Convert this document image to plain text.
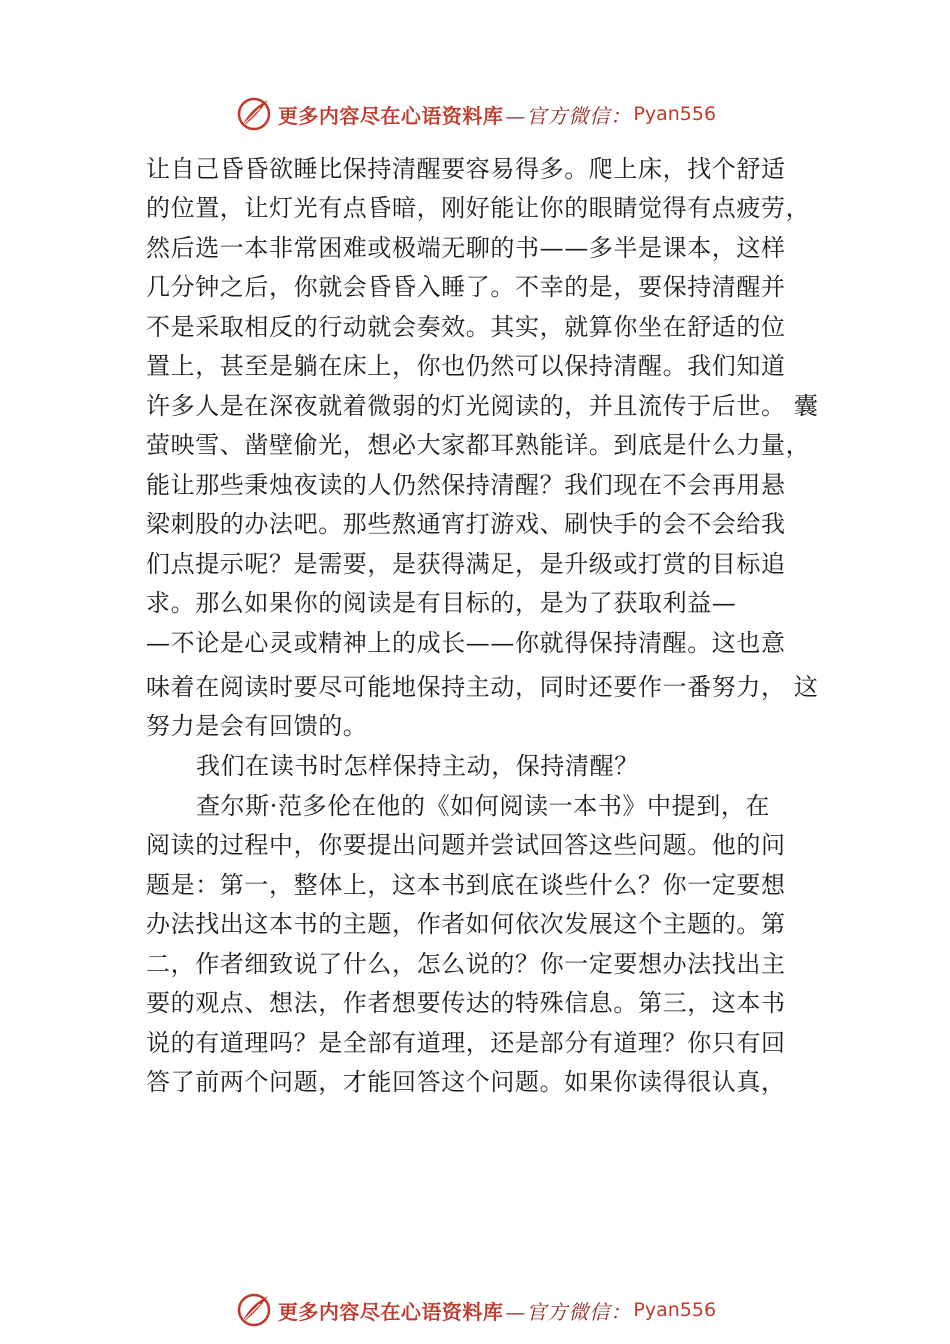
更多内容尽在心语资料库 —官方微信： Pyan556
让自己昏昏欲睡比保持清醒要容易得多。爬上床，找个舒适
的位置，让灯光有点昏暗，刚好能让你的眼睛觉得有点疲劳，
然后选一本非常困难或极端无聊的书——多半是课本，这样
几分钟之后，你就会昏昏入睡了。不幸的是，要保持清醒并
不是采取相反的行动就会奏效。其实，就算你坐在舒适的位
置上，甚至是躺在床上，你也仍然可以保持清醒。我们知道
许多人是在深夜就着微弱的灯光阅读的，并且流传于后世。 囊
萤映雪、凿壁偷光，想必大家都耳熟能详。到底是什么力量，
能让那些秉烛夜读的人仍然保持清醒？我们现在不会再用悬
梁刺股的办法吧。那些熬通宵打游戏、刷快手的会不会给我
们点提示呢？是需要，是获得满足，是升级或打赏的目标追
求。那么如果你的阅读是有目标的，是为了获取利益—
—不论是心灵或精神上的成长——你就得保持清醒。这也意
味着在阅读时要尽可能地保持主动，同时还要作一番努力， 这
努力是会有回馈的。
我们在读书时怎样保持主动，保持清醒？
查尔斯·范多伦在他的《如何阅读一本书》中提到，在
阅读的过程中，你要提出问题并尝试回答这些问题。他的问
题是：第一，整体上，这本书到底在谈些什么？你一定要想
办法找出这本书的主题，作者如何依次发展这个主题的。第
二，作者细致说了什么，怎么说的？你一定要想办法找出主
要的观点、想法，作者想要传达的特殊信息。第三，这本书
说的有道理吗？是全部有道理，还是部分有道理？你只有回
答了前两个问题，才能回答这个问题。如果你读得很认真，
更多内容尽在心语资料库 —官方微信： Pyan556
